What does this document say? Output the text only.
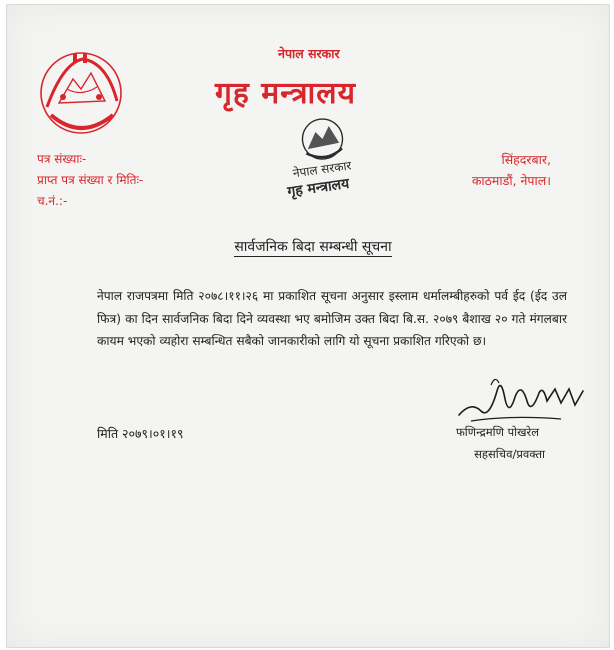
नेपाल सरकार

गृह मन्त्रालय

पत्र संख्याः-
प्राप्त पत्र संख्या र मितिः-
च.नं.:-
सिंहदरबार,
काठमाडौं, नेपाल।
नेपाल सरकार
गृह मन्त्रालय

सार्वजनिक बिदा सम्बन्धी सूचना

नेपाल राजपत्रमा मिति २०७८।११।२६ मा प्रकाशित सूचना अनुसार इस्लाम धर्मालम्बीहरुको पर्व ईद (ईद उल फित्र) का दिन सार्वजनिक बिदा दिने व्यवस्था भए बमोजिम उक्त बिदा बि.स. २०७९ बैशाख २० गते मंगलबार कायम भएको व्यहोरा सम्बन्धित सबैको जानकारीको लागि यो सूचना प्रकाशित गरिएको छ।

मिति २०७९।०१।१९	फणिन्द्रमणि पोखरेल

सहसचिव/प्रवक्ता
